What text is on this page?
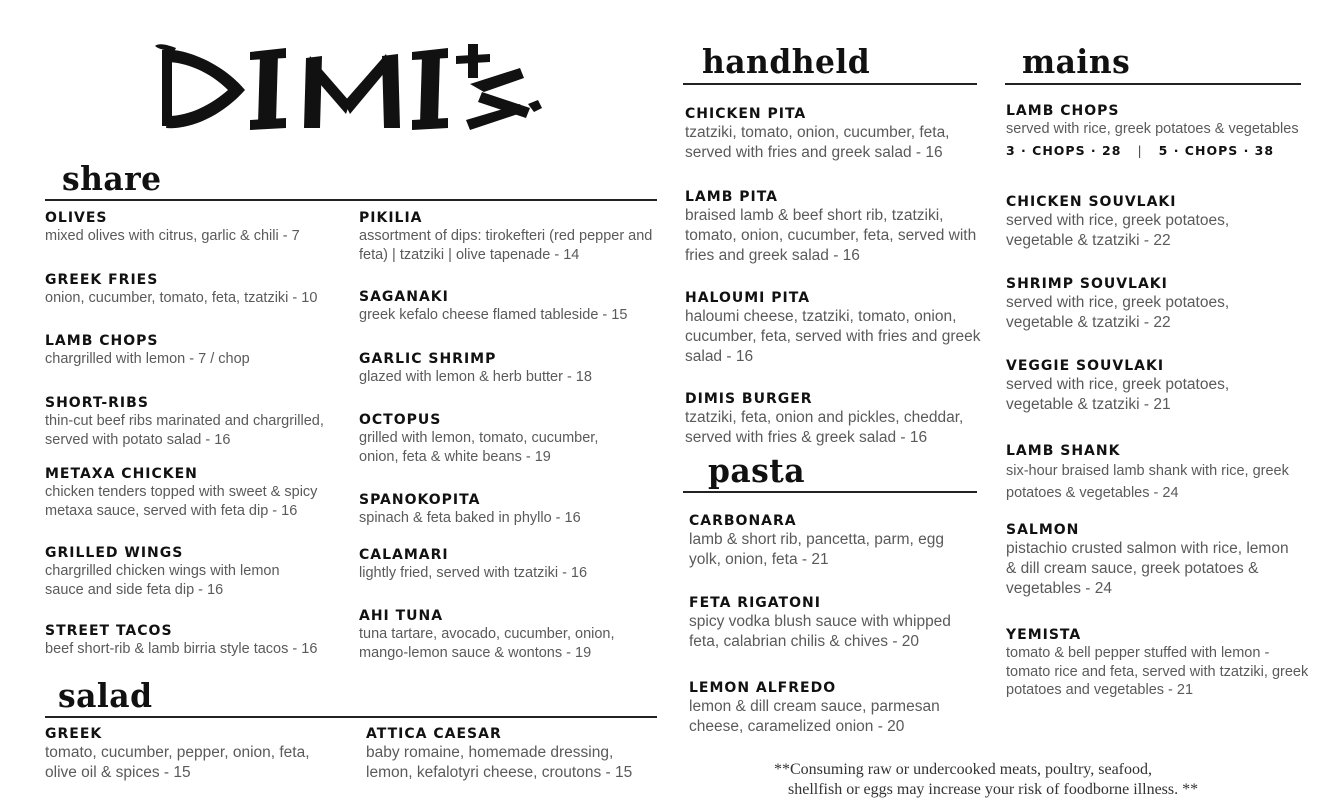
share
OLIVES
mixed olives with citrus, garlic & chili - 7
GREEK FRIES
onion, cucumber, tomato, feta, tzatziki - 10
LAMB CHOPS
chargrilled with lemon - 7 / chop
SHORT-RIBS
thin-cut beef ribs marinated and chargrilled, served with potato salad - 16
METAXA CHICKEN
chicken tenders topped with sweet & spicy metaxa sauce, served with feta dip - 16
GRILLED WINGS
chargrilled chicken wings with lemon sauce and side feta dip - 16
STREET TACOS
beef short-rib & lamb birria style tacos - 16
PIKILIA
assortment of dips: tirokefteri (red pepper and feta) | tzatziki | olive tapenade - 14
SAGANAKI
greek kefalo cheese flamed tableside - 15
GARLIC SHRIMP
glazed with lemon & herb butter - 18
OCTOPUS
grilled with lemon, tomato, cucumber, onion, feta & white beans - 19
SPANOKOPITA
spinach & feta baked in phyllo - 16
CALAMARI
lightly fried, served with tzatziki - 16
AHI TUNA
tuna tartare, avocado, cucumber, onion, mango-lemon sauce & wontons - 19
salad
GREEK
tomato, cucumber, pepper, onion, feta, olive oil & spices - 15
ATTICA CAESAR
baby romaine, homemade dressing, lemon, kefalotyri cheese, croutons - 15
handheld
CHICKEN PITA
tzatziki, tomato, onion, cucumber, feta, served with fries and greek salad - 16
LAMB PITA
braised lamb & beef short rib, tzatziki, tomato, onion, cucumber, feta, served with fries and greek salad - 16
HALOUMI PITA
haloumi cheese, tzatziki, tomato, onion, cucumber, feta, served with fries and greek salad - 16
DIMIS BURGER
tzatziki, feta, onion and pickles, cheddar, served with fries & greek salad - 16
pasta
CARBONARA
lamb & short rib, pancetta, parm, egg yolk, onion, feta - 21
FETA RIGATONI
spicy vodka blush sauce with whipped feta, calabrian chilis & chives - 20
LEMON ALFREDO
lemon & dill cream sauce, parmesan cheese, caramelized onion - 20
mains
LAMB CHOPS
served with rice, greek potatoes & vegetables
3 · CHOPS · 28 | 5 · CHOPS · 38
CHICKEN SOUVLAKI
served with rice, greek potatoes, vegetable & tzatziki - 22
SHRIMP SOUVLAKI
served with rice, greek potatoes, vegetable & tzatziki - 22
VEGGIE SOUVLAKI
served with rice, greek potatoes, vegetable & tzatziki - 21
LAMB SHANK
six-hour braised lamb shank with rice, greek potatoes & vegetables - 24
SALMON
pistachio crusted salmon with rice, lemon & dill cream sauce, greek potatoes & vegetables - 24
YEMISTA
tomato & bell pepper stuffed with lemon - tomato rice and feta, served with tzatziki, greek potatoes and vegetables - 21
**Consuming raw or undercooked meats, poultry, seafood,
shellfish or eggs may increase your risk of foodborne illness. **
